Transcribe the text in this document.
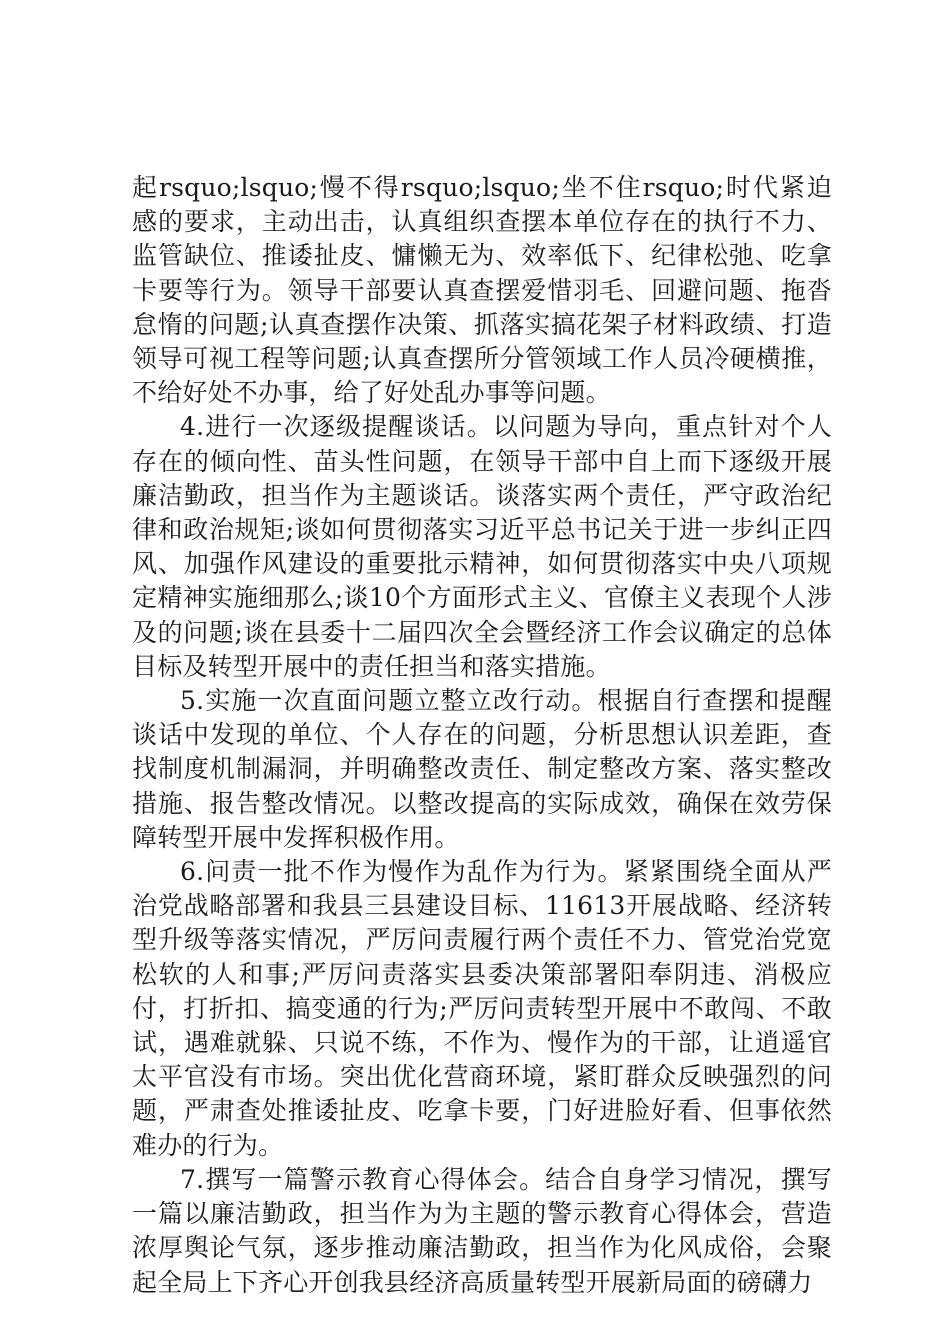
起rsquo;lsquo;慢不得rsquo;lsquo;坐不住rsquo;时代紧迫感的要求，主动出击，认真组织查摆本单位存在的执行不力、监管缺位、推诿扯皮、慵懒无为、效率低下、纪律松弛、吃拿卡要等行为。领导干部要认真查摆爱惜羽毛、回避问题、拖沓怠惰的问题;认真查摆作决策、抓落实搞花架子材料政绩、打造领导可视工程等问题;认真查摆所分管领域工作人员冷硬横推，不给好处不办事，给了好处乱办事等问题。

4.进行一次逐级提醒谈话。以问题为导向，重点针对个人存在的倾向性、苗头性问题，在领导干部中自上而下逐级开展廉洁勤政，担当作为主题谈话。谈落实两个责任，严守政治纪律和政治规矩;谈如何贯彻落实习近平总书记关于进一步纠正四风、加强作风建设的重要批示精神，如何贯彻落实中央八项规定精神实施细那么;谈10个方面形式主义、官僚主义表现个人涉及的问题;谈在县委十二届四次全会暨经济工作会议确定的总体目标及转型开展中的责任担当和落实措施。

5.实施一次直面问题立整立改行动。根据自行查摆和提醒谈话中发现的单位、个人存在的问题，分析思想认识差距，查找制度机制漏洞，并明确整改责任、制定整改方案、落实整改措施、报告整改情况。以整改提高的实际成效，确保在效劳保障转型开展中发挥积极作用。

6.问责一批不作为慢作为乱作为行为。紧紧围绕全面从严治党战略部署和我县三县建设目标、11613开展战略、经济转型升级等落实情况，严厉问责履行两个责任不力、管党治党宽松软的人和事;严厉问责落实县委决策部署阳奉阴违、消极应付，打折扣、搞变通的行为;严厉问责转型开展中不敢闯、不敢试，遇难就躲、只说不练，不作为、慢作为的干部，让逍遥官太平官没有市场。突出优化营商环境，紧盯群众反映强烈的问题，严肃查处推诿扯皮、吃拿卡要，门好进脸好看、但事依然难办的行为。

7.撰写一篇警示教育心得体会。结合自身学习情况，撰写一篇以廉洁勤政，担当作为为主题的警示教育心得体会，营造浓厚舆论气氛，逐步推动廉洁勤政，担当作为化风成俗，会聚起全局上下齐心开创我县经济高质量转型开展新局面的磅礴力
